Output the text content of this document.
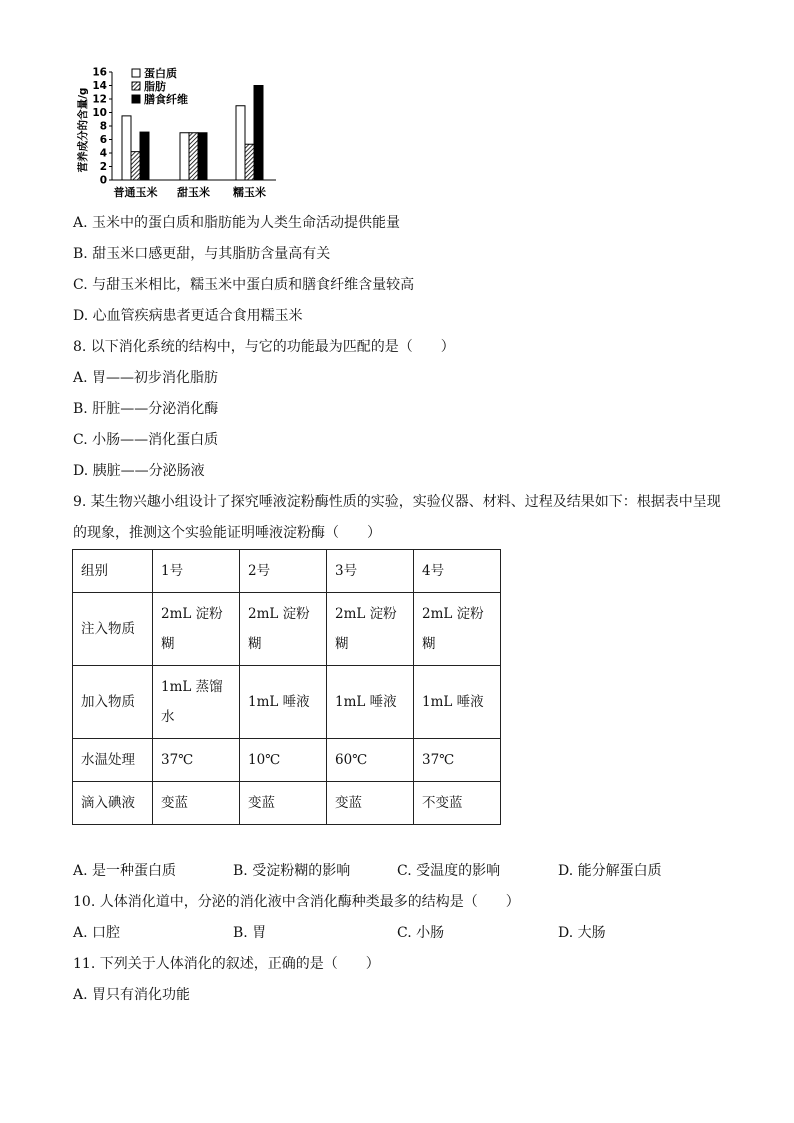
营养成分的含量/g
0
2
4
6
8
10
12
14
16
普通玉米 甜玉米 糯玉米
蛋白质
脂肪
膳食纤维
A. 玉米中的蛋白质和脂肪能为人类生命活动提供能量
B. 甜玉米口感更甜，与其脂肪含量高有关
C. 与甜玉米相比，糯玉米中蛋白质和膳食纤维含量较高
D. 心血管疾病患者更适合食用糯玉米
8. 以下消化系统的结构中，与它的功能最为匹配的是（　　）
A. 胃——初步消化脂肪
B. 肝脏——分泌消化酶
C. 小肠——消化蛋白质
D. 胰脏——分泌肠液
9. 某生物兴趣小组设计了探究唾液淀粉酶性质的实验，实验仪器、材料、过程及结果如下：根据表中呈现
的现象，推测这个实验能证明唾液淀粉酶（　　）
组别	1号	2号	3号	4号
注入物质	2mL 淀粉糊	2mL 淀粉糊	2mL 淀粉糊	2mL 淀粉糊
加入物质	1mL 蒸馏水	1mL 唾液	1mL 唾液	1mL 唾液
水温处理	37℃	10℃	60℃	37℃
滴入碘液	变蓝	变蓝	变蓝	不变蓝
A. 是一种蛋白质	B. 受淀粉糊的影响	C. 受温度的影响	D. 能分解蛋白质
10. 人体消化道中，分泌的消化液中含消化酶种类最多的结构是（　　）
A. 口腔	B. 胃	C. 小肠	D. 大肠
11. 下列关于人体消化的叙述，正确的是（　　）
A. 胃只有消化功能
